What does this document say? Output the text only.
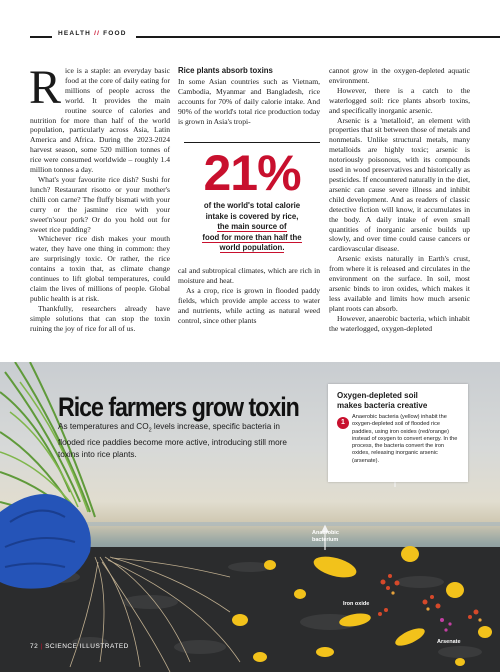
HEALTH // FOOD
R ice is a staple: an everyday basic food at the core of daily eating for millions of people across the world. It provides the main routine source of calories and nutrition for more than half of the world population, particularly across Asia, Latin America and Africa. During the 2023-2024 harvest season, some 520 million tonnes of rice were consumed worldwide – roughly 1.4 million tonnes a day.

What's your favourite rice dish? Sushi for lunch? Restaurant risotto or your mother's chilli con carne? The fluffy bismati with your curry or the jasmine rice with your sweet'n'sour pork? Or do you hold out for sweet rice pudding?

Whichever rice dish makes your mouth water, they have one thing in common: they are surprisingly toxic. Or rather, the rice contains a toxin that, as climate change continues to lift global temperatures, could claim the lives of millions of people. Global public health is at risk.

Thankfully, researchers already have simple solutions that can stop the toxin ruining the joy of rice for all of us.

Rice plants absorb toxins

In some Asian countries such as Vietnam, Cambodia, Myanmar and Bangladesh, rice accounts for 70% of daily calorie intake. And 90% of the world's total rice production today is grown in Asia's tropi-

21%
of the world's total calorie
intake is covered by rice,
the main source of
food for more than half the
world population.

cal and subtropical climates, which are rich in moisture and heat.

As a crop, rice is grown in flooded paddy fields, which provide ample access to water and nutrients, while acting as natural weed control, since other plants

cannot grow in the oxygen-depleted aquatic environment.

However, there is a catch to the waterlogged soil: rice plants absorb toxins, and specifically inorganic arsenic.

Arsenic is a 'metalloid', an element with properties that sit between those of metals and nonmetals. Unlike structural metals, many metalloids are highly toxic; arsenic is notoriously poisonous, with its compounds used in wood preservatives and historically as pesticides. If encountered naturally in the diet, arsenic can cause severe illness and inhibit child development. And as readers of classic detective fiction will know, it accumulates in the body. A daily intake of even small quantities of inorganic arsenic builds up slowly, and over time could cause cancers or cardiovascular disease.

Arsenic exists naturally in Earth's crust, from where it is released and circulates in the environment on the surface. In soil, most arsenic binds to iron oxides, which makes it less available and limits how much arsenic plant roots can absorb.

However, anaerobic bacteria, which inhabit the waterlogged, oxygen-depleted

Rice farmers grow toxin
As temperatures and $CO_2$ levels increase, specific bacteria in flooded rice paddies become more active, introducing still more toxins into rice plants.
Oxygen-depleted soil
makes bacteria creative
1
Anaerobic bacteria (yellow) inhabit the oxygen-depleted soil of flooded rice paddies, using iron oxides (red/orange) instead of oxygen to convert energy. In the process, the bacteria convert the iron oxides, releasing inorganic arsenic (arsenate).
Anaerobic
bacterium
Iron oxide
Arsenate
72 | SCIENCE ILLUSTRATED
